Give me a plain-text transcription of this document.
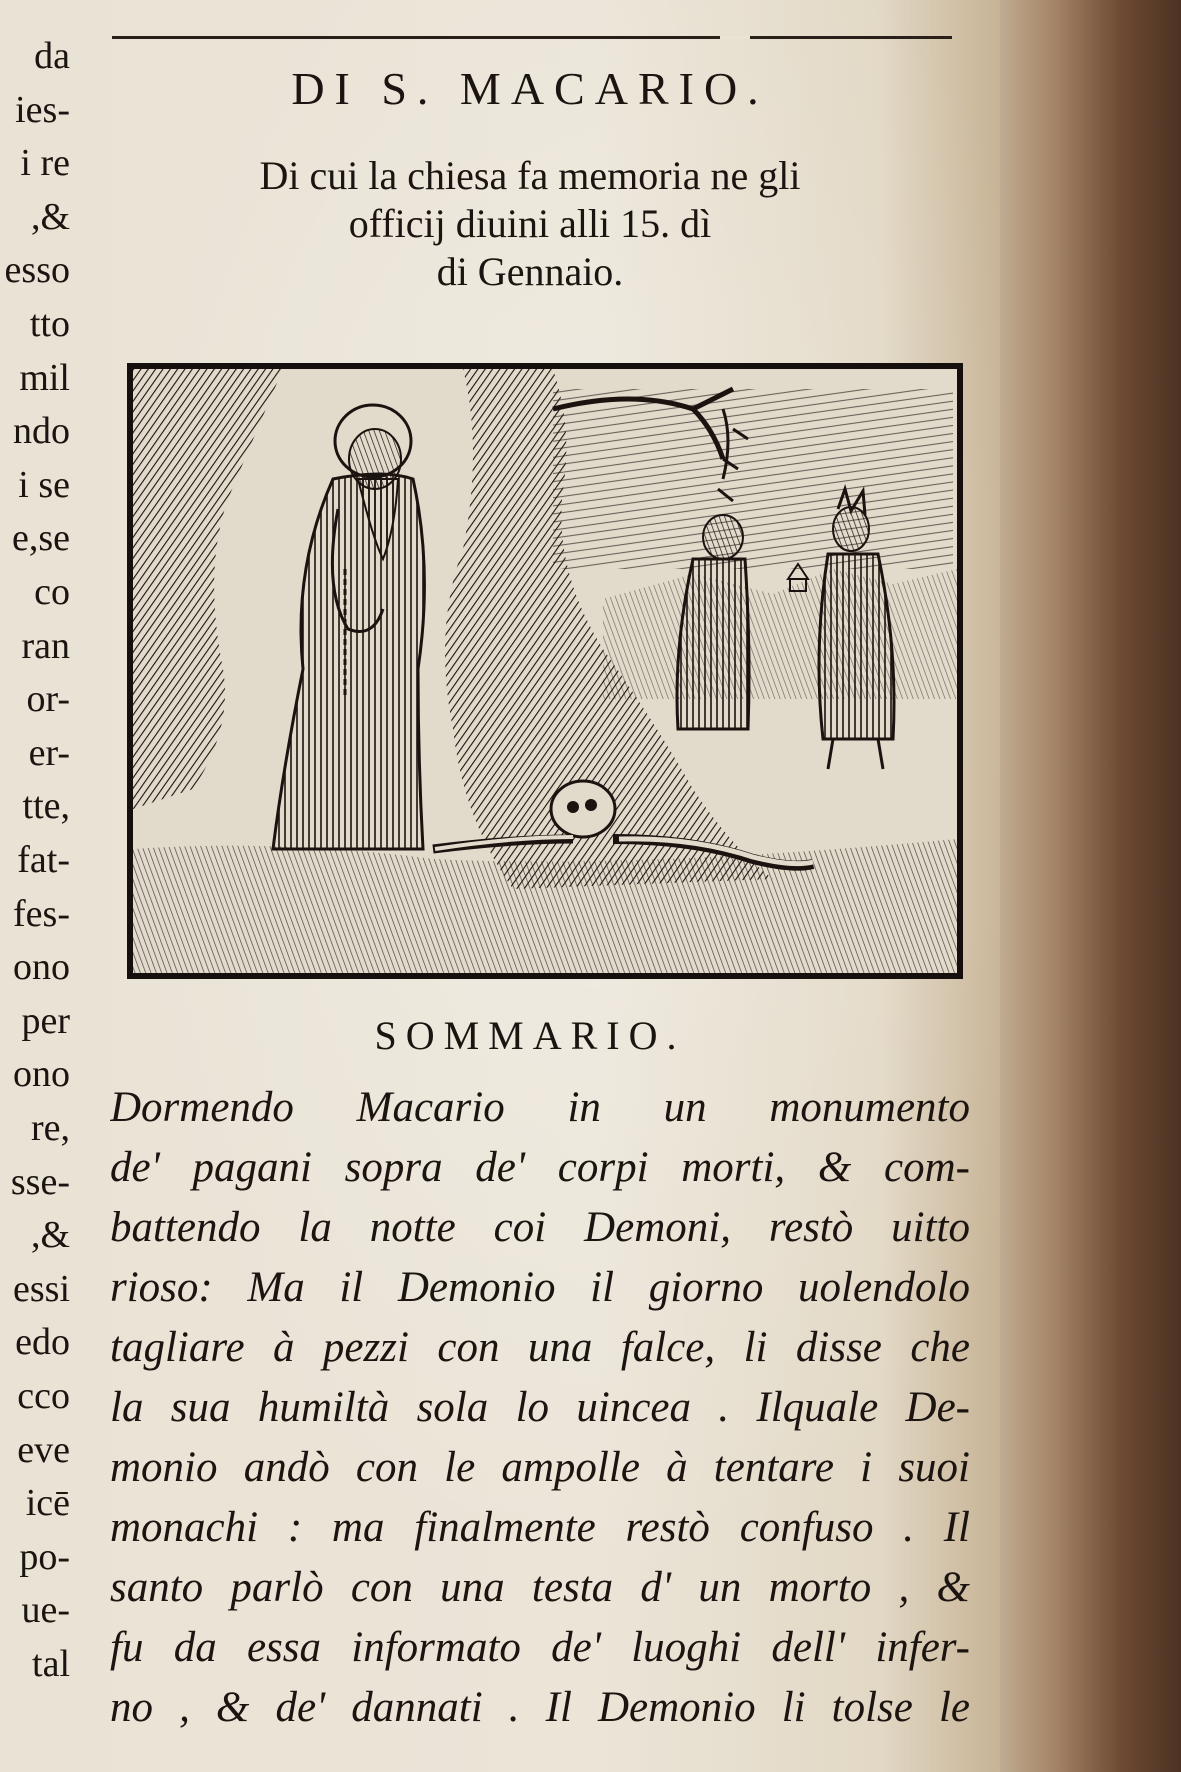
da
ies-
i re
,&
esso
tto
mil
ndo
i se
e,se
co
ran
or-
er-
tte,
fat-
fes-
ono
per
ono
re,
sse-
,&
essi
edo
cco
eve
icē
po-
ue-
tal
DI S. MACARIO.
Di cui la chiesa fa memoria ne gli
officij diuini alli 15. dì
di Gennaio.
SOMMARIO.
Dormendo Macario in un monumento
de' pagani sopra de' corpi morti, & com-
battendo la notte coi Demoni, restò uitto
rioso: Ma il Demonio il giorno uolendolo
tagliare à pezzi con una falce, li disse che
la sua humiltà sola lo uincea . Ilquale De-
monio andò con le ampolle à tentare i suoi
monachi : ma finalmente restò confuso . Il
santo parlò con una testa d' un morto , &
fu da essa informato de' luoghi dell' infer-
no , & de' dannati . Il Demonio li tolse le
